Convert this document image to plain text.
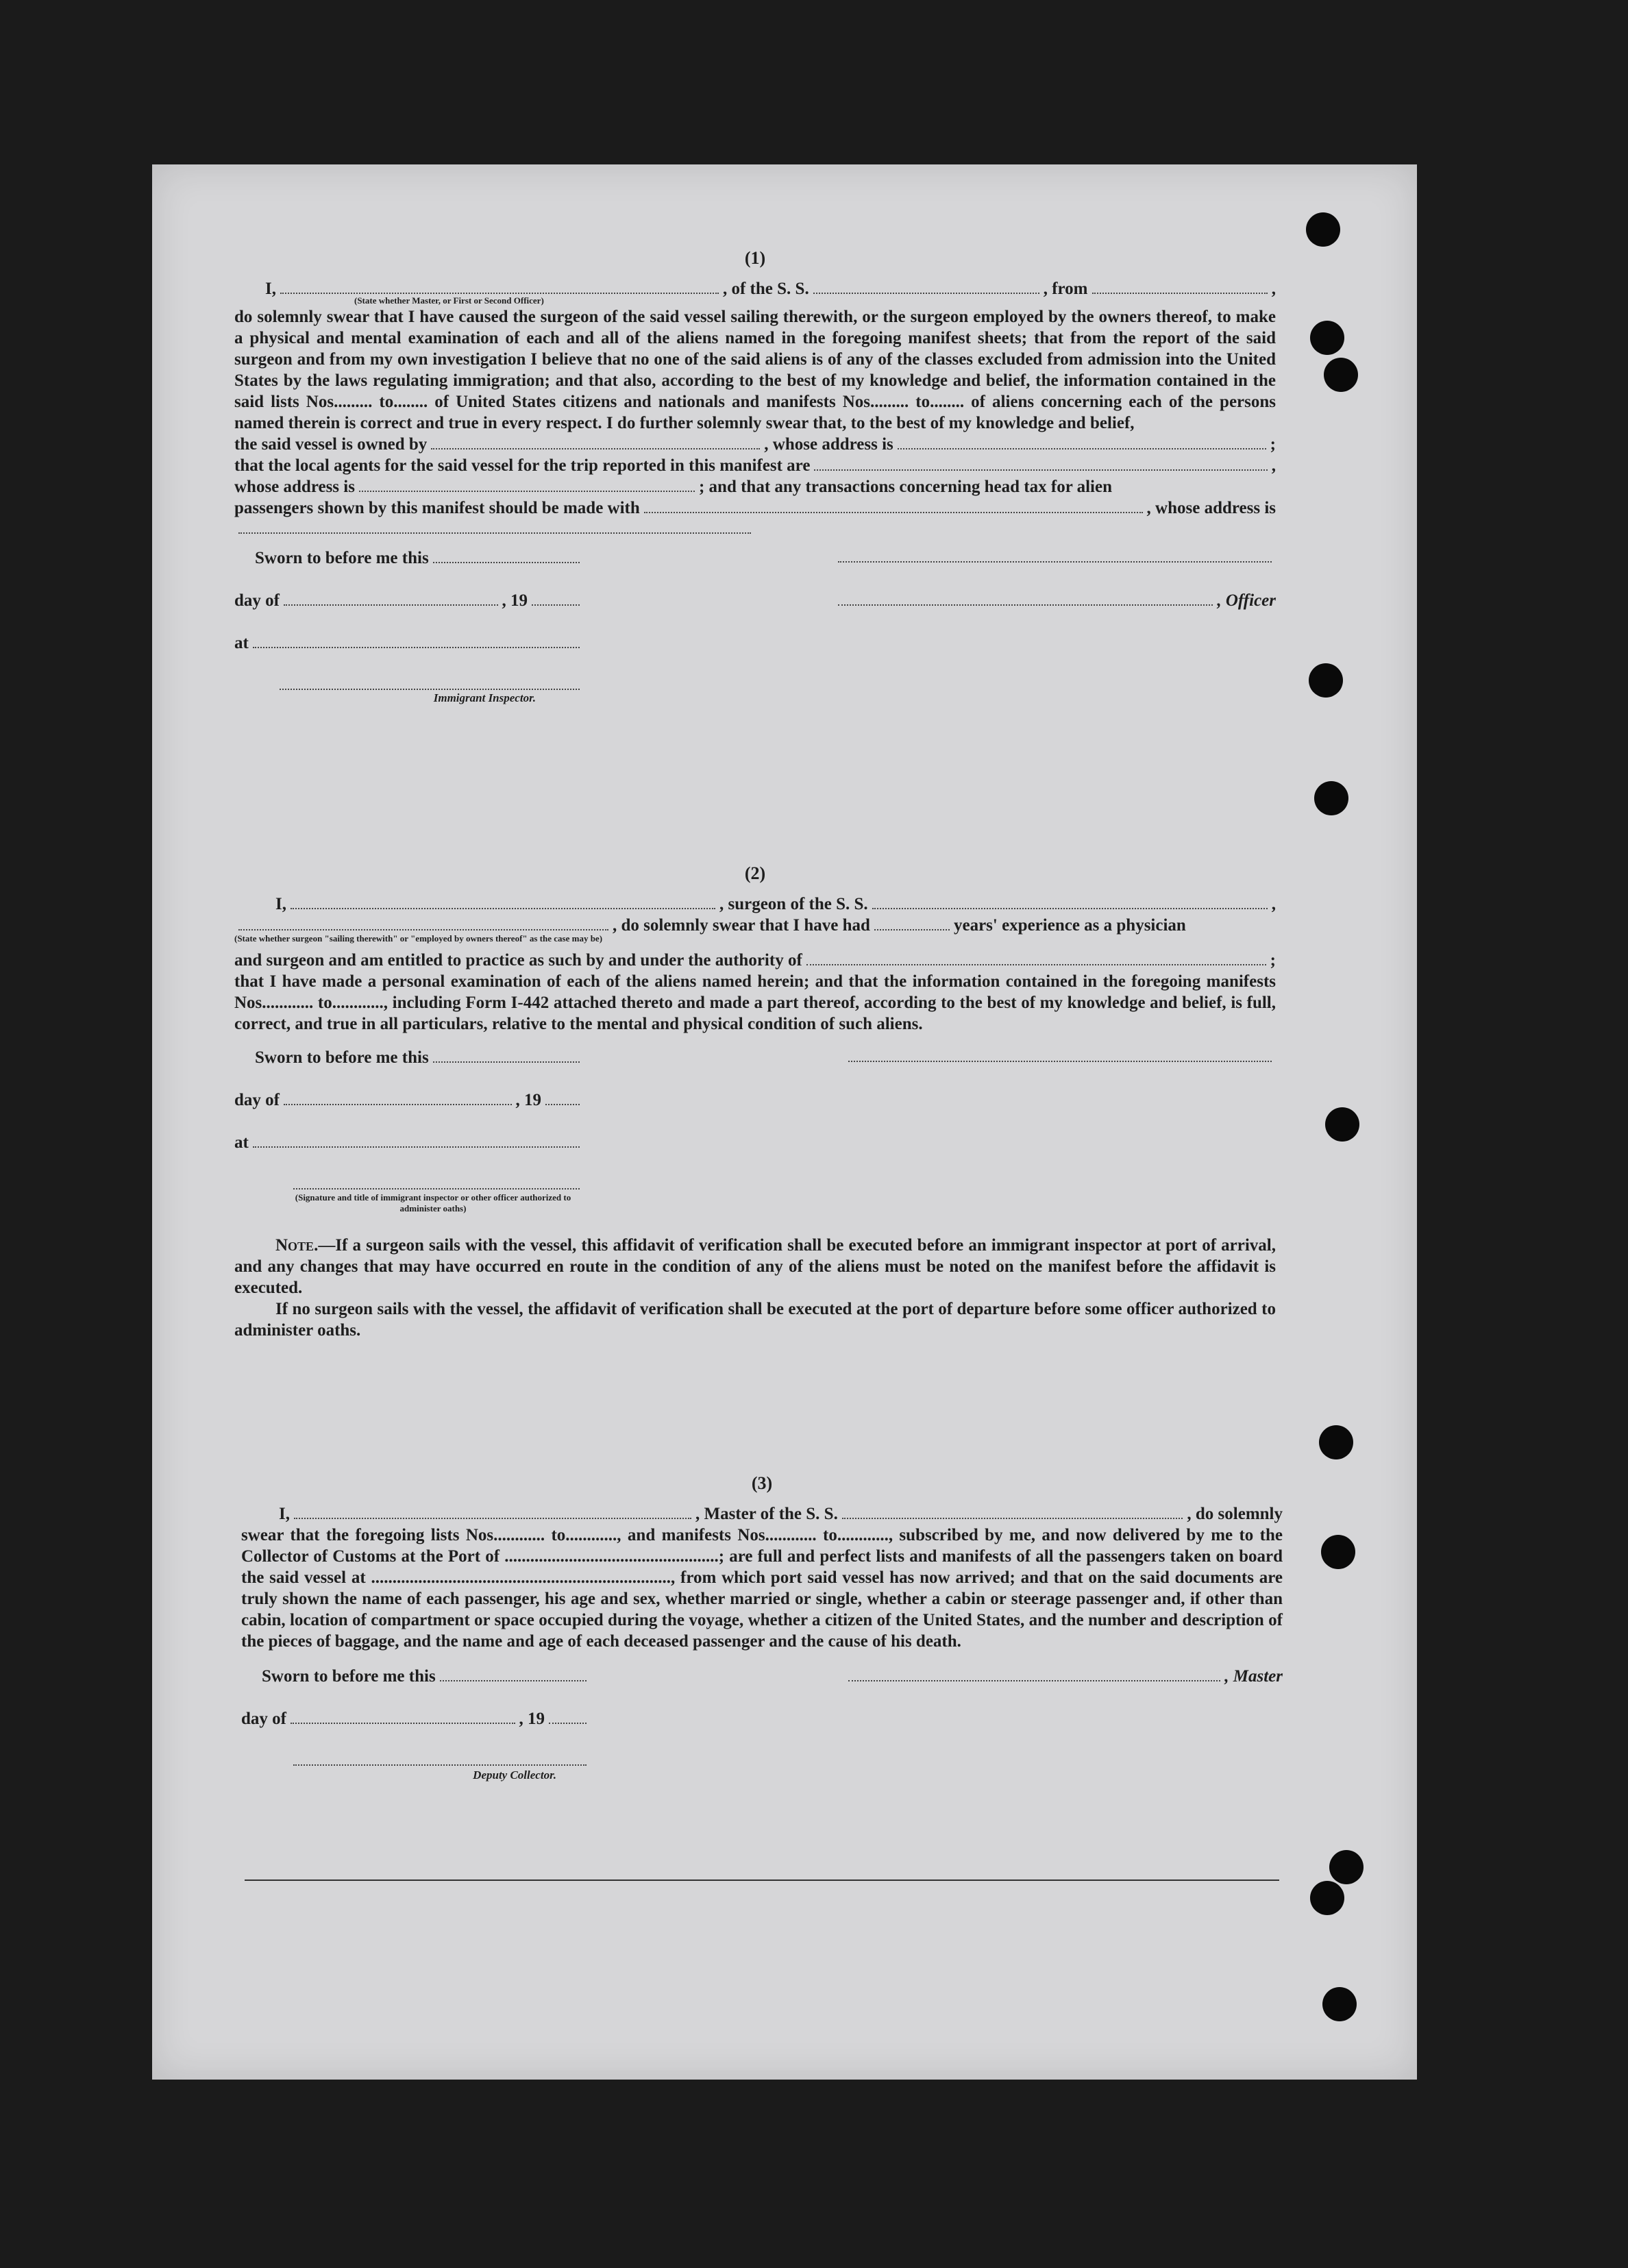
(1)
I,	, of the S. S.	, from	,
(State whether Master, or First or Second Officer)
do solemnly swear that I have caused the surgeon of the said vessel sailing therewith, or the surgeon employed by the owners thereof, to make a physical and mental examination of each and all of the aliens named in the foregoing manifest sheets; that from the report of the said surgeon and from my own investigation I believe that no one of the said aliens is of any of the classes excluded from admission into the United States by the laws regulating immigration; and that also, according to the best of my knowledge and belief, the information contained in the said lists Nos......... to........ of United States citizens and nationals and manifests Nos......... to........ of aliens concerning each of the persons named therein is correct and true in every respect. I do further solemnly swear that, to the best of my knowledge and belief,
the said vessel is owned by	, whose address is	;
that the local agents for the said vessel for the trip reported in this manifest are	,
whose address is	; and that any transactions concerning head tax for alien
passengers shown by this manifest should be made with	, whose address is
Sworn to before me this
day of	, 19
at
Immigrant Inspector.
, Officer
(2)
I,	, surgeon of the S. S.	,
, do solemnly swear that I have had	years' experience as a physician
(State whether surgeon "sailing therewith" or "employed by owners thereof" as the case may be)
and surgeon and am entitled to practice as such by and under the authority of	;
that I have made a personal examination of each of the aliens named herein; and that the information contained in the foregoing manifests Nos............ to............, including Form I-442 attached thereto and made a part thereof, according to the best of my knowledge and belief, is full, correct, and true in all particulars, relative to the mental and physical condition of such aliens.
Sworn to before me this
day of	, 19
at
(Signature and title of immigrant inspector or other officer authorized to administer oaths)
Note.—If a surgeon sails with the vessel, this affidavit of verification shall be executed before an immigrant inspector at port of arrival, and any changes that may have occurred en route in the condition of any of the aliens must be noted on the manifest before the affidavit is executed.
If no surgeon sails with the vessel, the affidavit of verification shall be executed at the port of departure before some officer authorized to administer oaths.
(3)
I,	, Master of the S. S.	, do solemnly
swear that the foregoing lists Nos............ to............, and manifests Nos............ to............, subscribed by me, and now delivered by me to the Collector of Customs at the Port of ..................................................; are full and perfect lists and manifests of all the passengers taken on board the said vessel at ......................................................................, from which port said vessel has now arrived; and that on the said documents are truly shown the name of each passenger, his age and sex, whether married or single, whether a cabin or steerage passenger and, if other than cabin, location of compartment or space occupied during the voyage, whether a citizen of the United States, and the number and description of the pieces of baggage, and the name and age of each deceased passenger and the cause of his death.
Sworn to before me this
day of	, 19
Deputy Collector.
, Master
